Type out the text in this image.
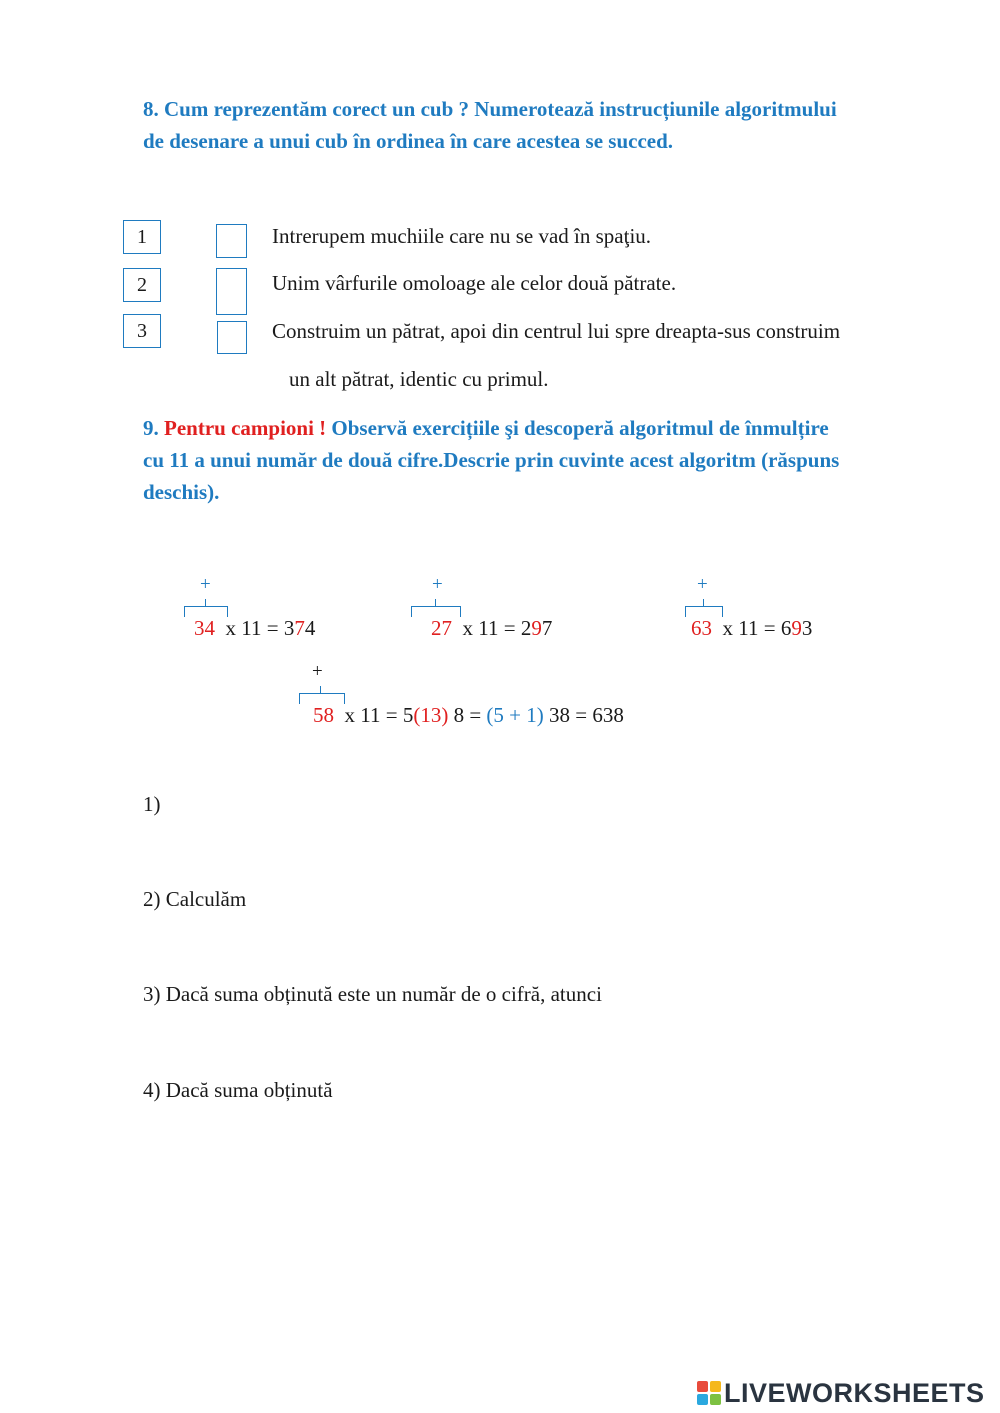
8. Cum reprezentăm corect un cub ? Numerotează instrucțiunile algoritmului
de desenare a unui cub în ordinea în care acestea se succed.
1
2
3
Intrerupem muchiile care nu se vad în spaţiu.
Unim vârfurile omoloage ale celor două pătrate.
Construim un pătrat, apoi din centrul lui spre dreapta-sus construim
un alt pătrat, identic cu primul.
9. Pentru campioni ! Observă exercițiile şi descoperă algoritmul de înmulțire
cu 11 a unui număr de două cifre.Descrie prin cuvinte acest algoritm (răspuns
deschis).
+
34 x 11 = 374
+
27 x 11 = 297
+
63 x 11 = 693
+
58 x 11 = 5(13) 8 = (5 + 1) 38 = 638
1)
2) Calculăm
3) Dacă suma obținută este un număr de o cifră, atunci
4) Dacă suma obținută
LIVEWORKSHEETS
